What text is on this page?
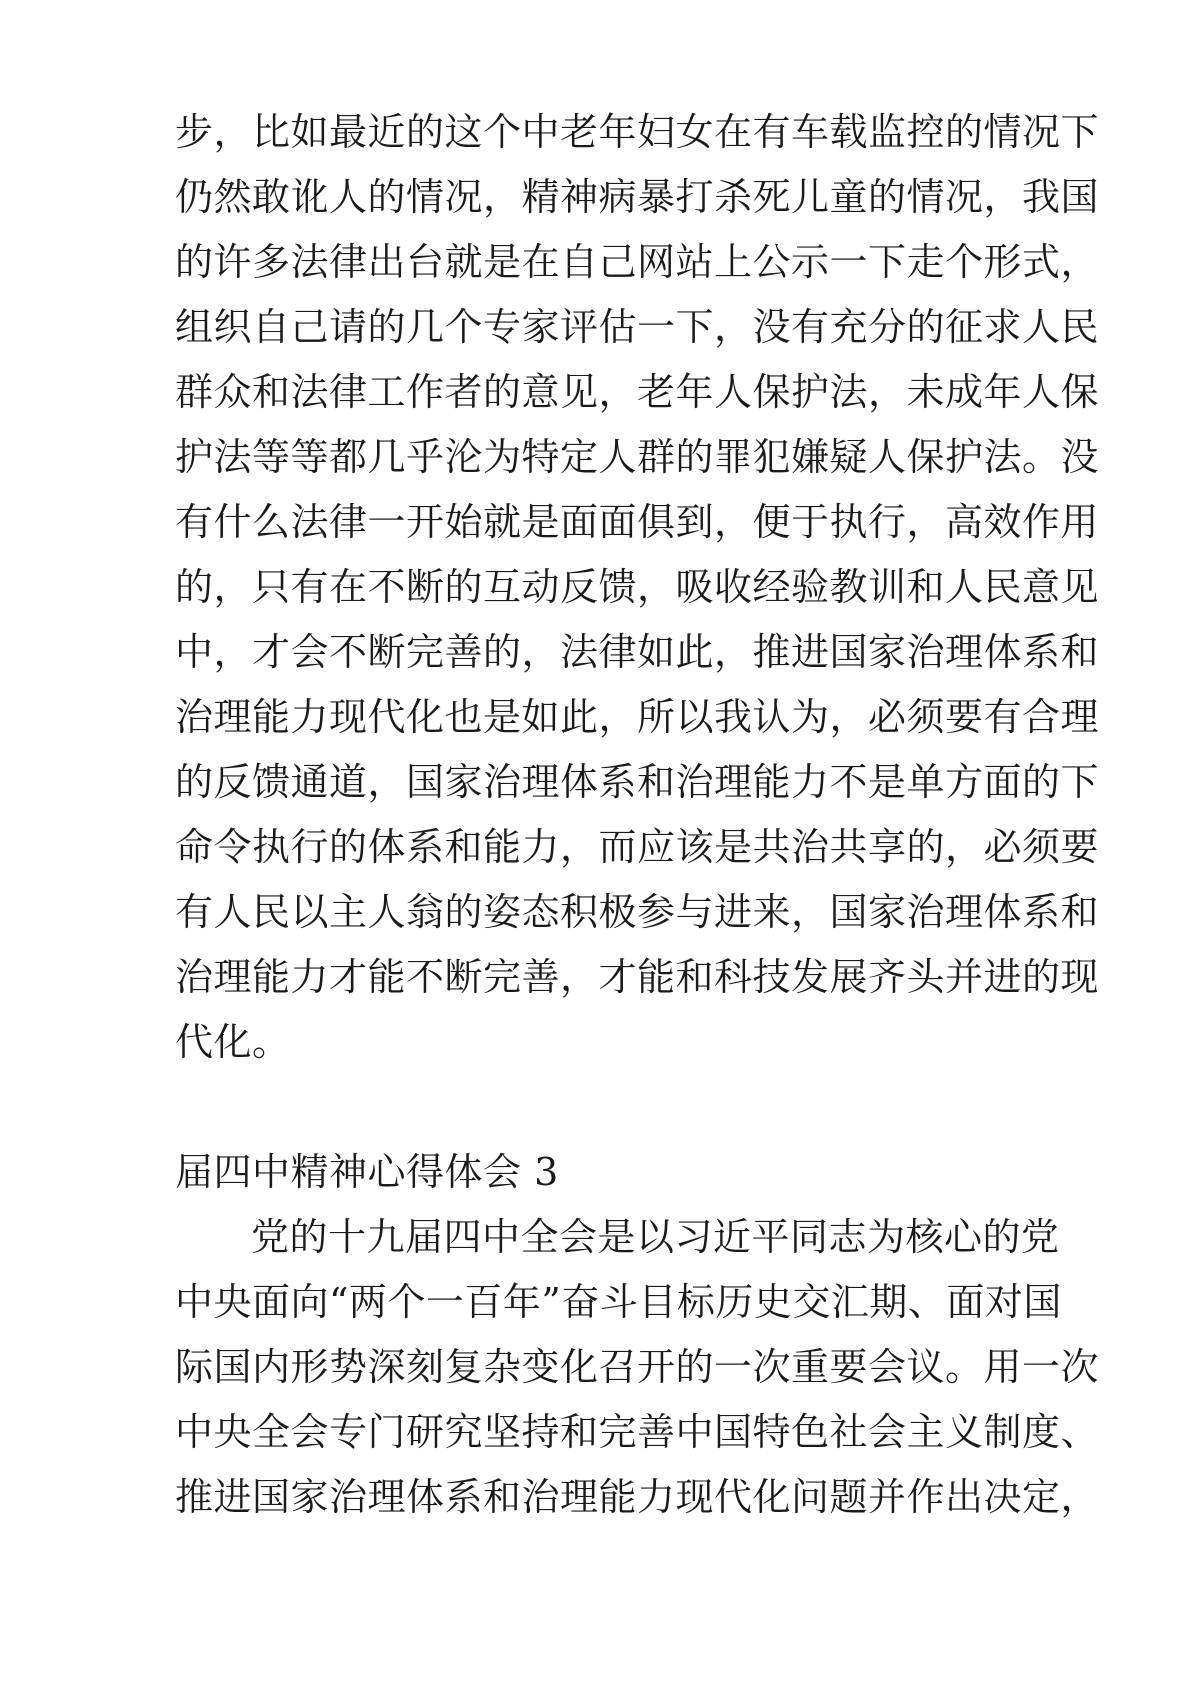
步，比如最近的这个中老年妇女在有车载监控的情况下
仍然敢讹人的情况，精神病暴打杀死儿童的情况，我国
的许多法律出台就是在自己网站上公示一下走个形式，
组织自己请的几个专家评估一下，没有充分的征求人民
群众和法律工作者的意见，老年人保护法，未成年人保
护法等等都几乎沦为特定人群的罪犯嫌疑人保护法。没
有什么法律一开始就是面面俱到，便于执行，高效作用
的，只有在不断的互动反馈，吸收经验教训和人民意见
中，才会不断完善的，法律如此，推进国家治理体系和
治理能力现代化也是如此，所以我认为，必须要有合理
的反馈通道，国家治理体系和治理能力不是单方面的下
命令执行的体系和能力，而应该是共治共享的，必须要
有人民以主人翁的姿态积极参与进来，国家治理体系和
治理能力才能不断完善，才能和科技发展齐头并进的现
代化。
届四中精神心得体会 3
党的十九届四中全会是以习近平同志为核心的党
中央面向“两个一百年”奋斗目标历史交汇期、面对国
际国内形势深刻复杂变化召开的一次重要会议。用一次
中央全会专门研究坚持和完善中国特色社会主义制度、
推进国家治理体系和治理能力现代化问题并作出决定，
